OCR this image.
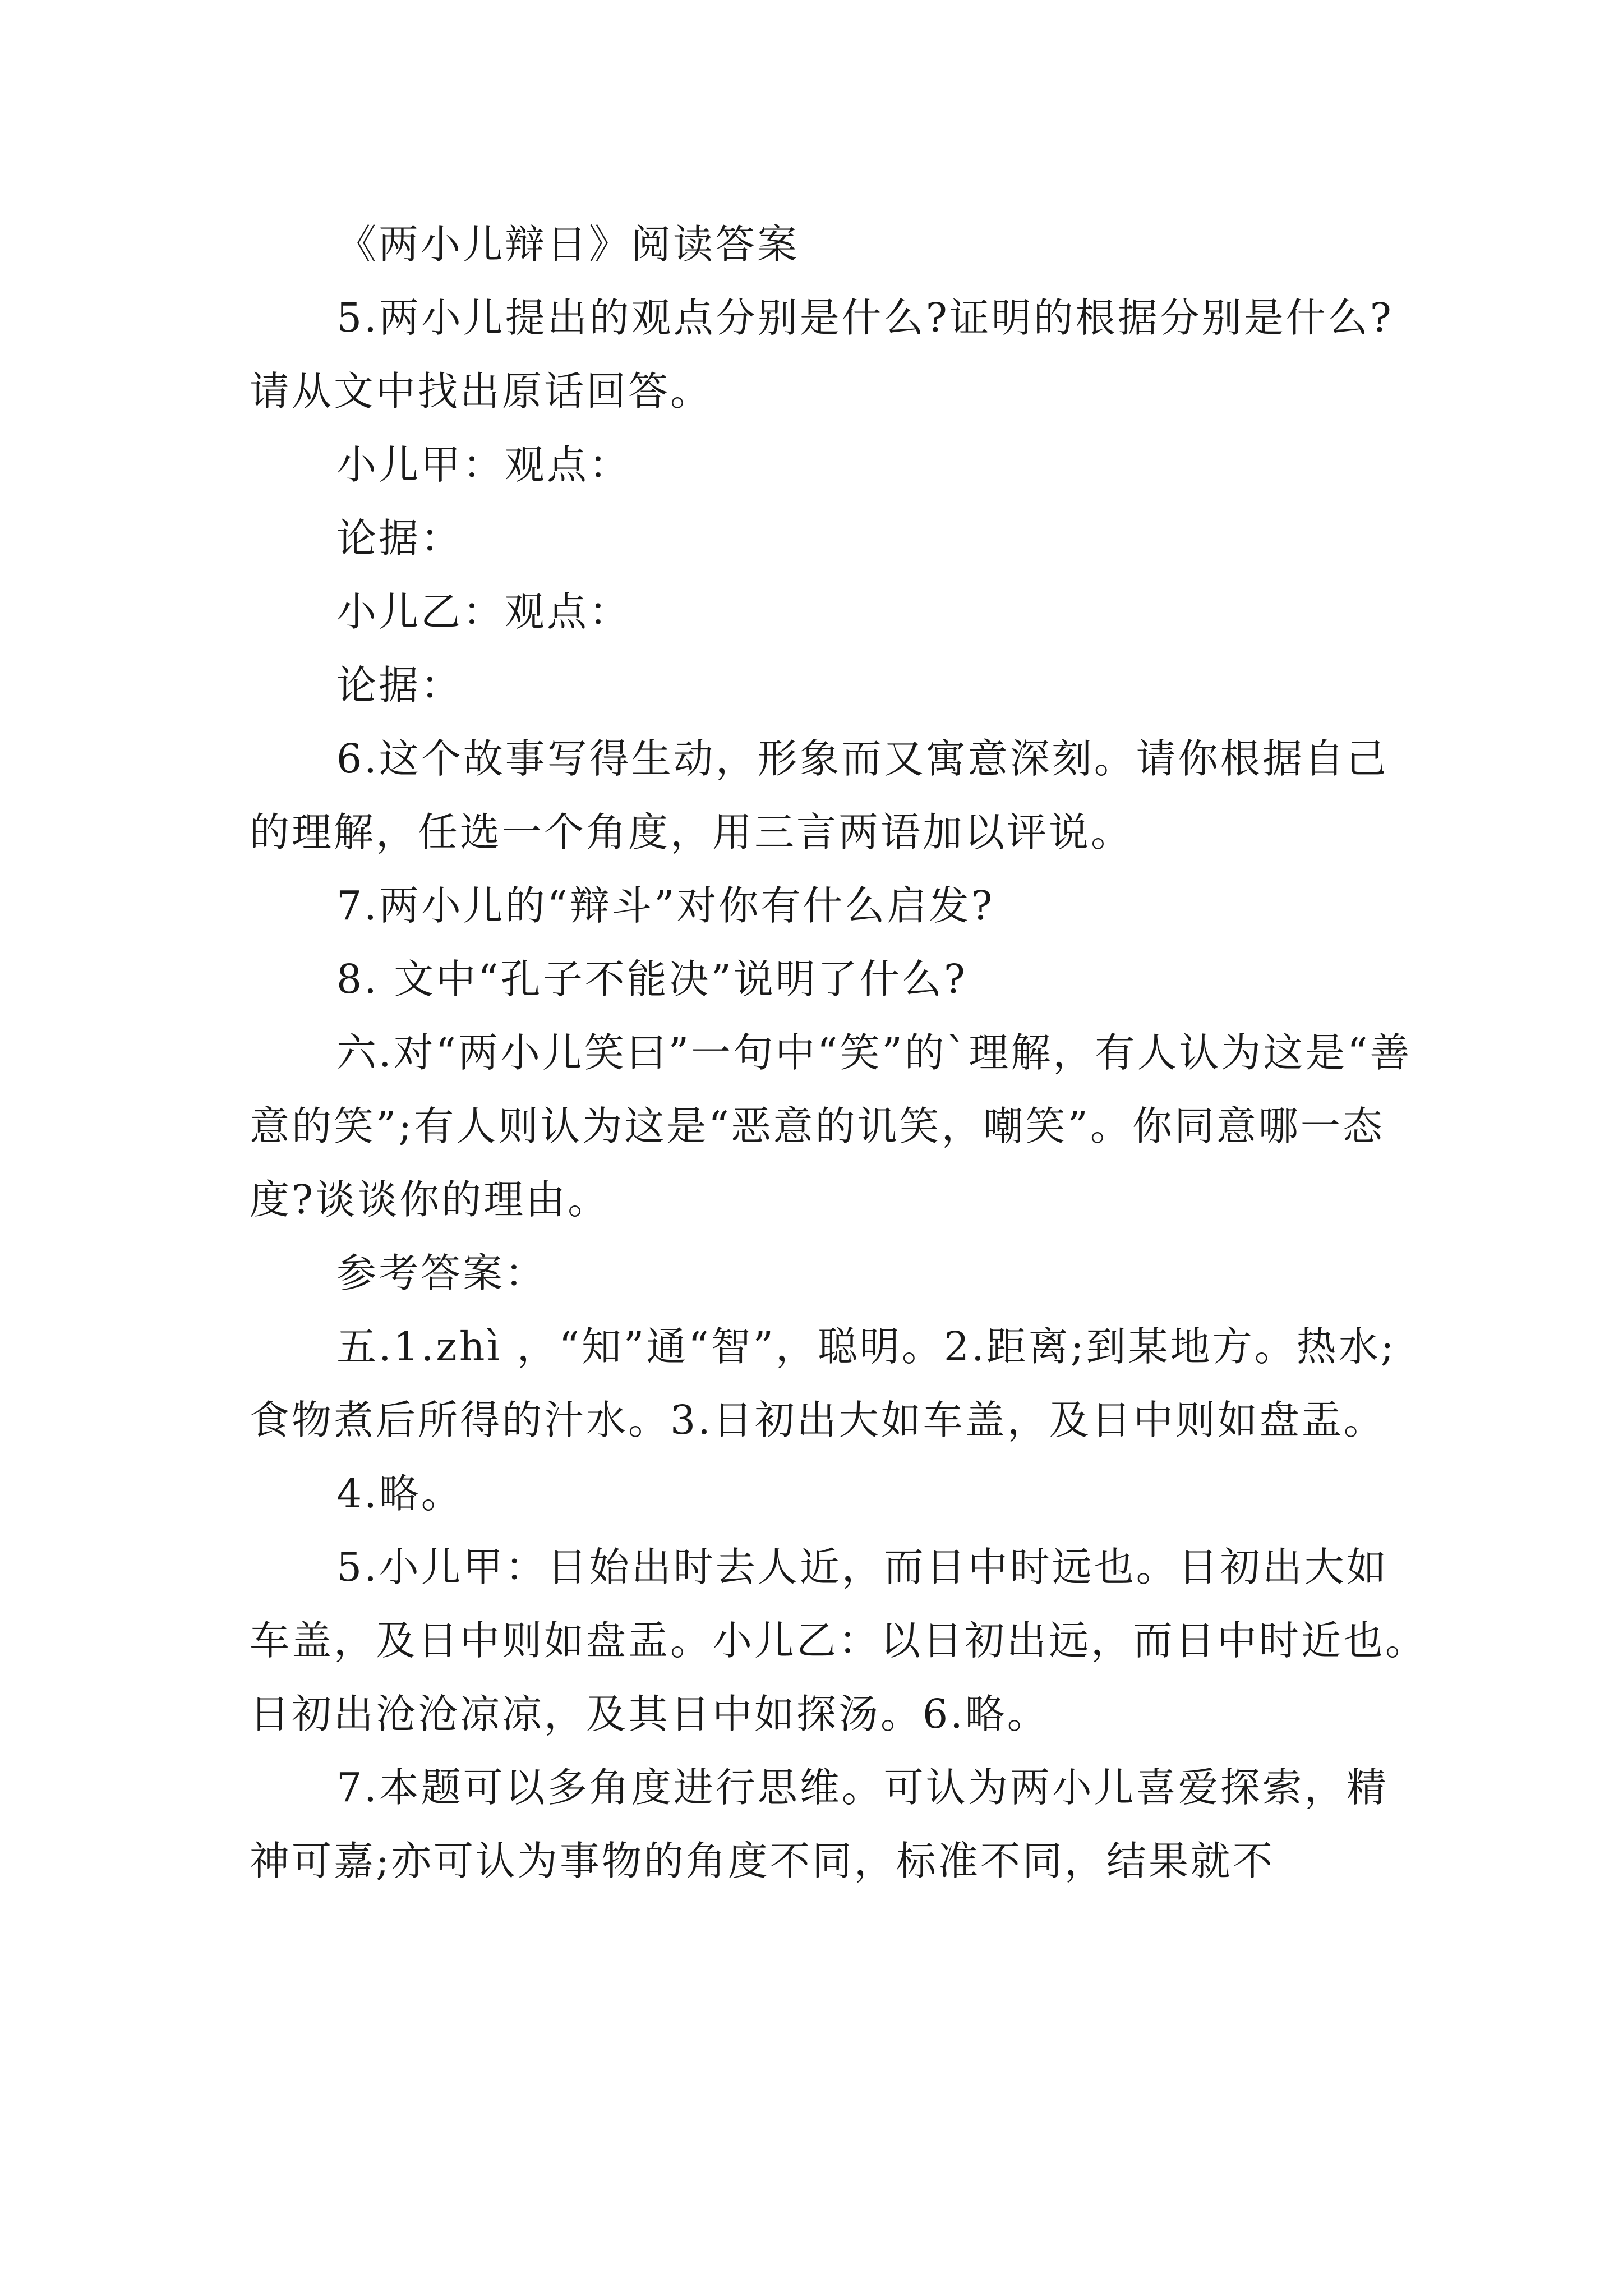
《两小儿辩日》阅读答案

5.两小儿提出的观点分别是什么?证明的根据分别是什么?请从文中找出原话回答。

小儿甲：观点：

论据：

小儿乙：观点：

论据：

6.这个故事写得生动，形象而又寓意深刻。请你根据自己的理解，任选一个角度，用三言两语加以评说。

7.两小儿的“辩斗”对你有什么启发?

8. 文中“孔子不能决”说明了什么?

六.对“两小儿笑曰”一句中“笑”的`理解，有人认为这是“善意的笑”;有人则认为这是“恶意的讥笑，嘲笑”。你同意哪一态度?谈谈你的理由。

参考答案：

五.1.zhì ，“知”通“智”，聪明。2.距离;到某地方。热水;食物煮后所得的汁水。3.日初出大如车盖，及日中则如盘盂。

4.略。

5.小儿甲：日始出时去人近，而日中时远也。日初出大如车盖，及日中则如盘盂。小儿乙：以日初出远，而日中时近也。日初出沧沧凉凉，及其日中如探汤。6.略。

7.本题可以多角度进行思维。可认为两小儿喜爱探索，精神可嘉;亦可认为事物的角度不同，标准不同，结果就不
